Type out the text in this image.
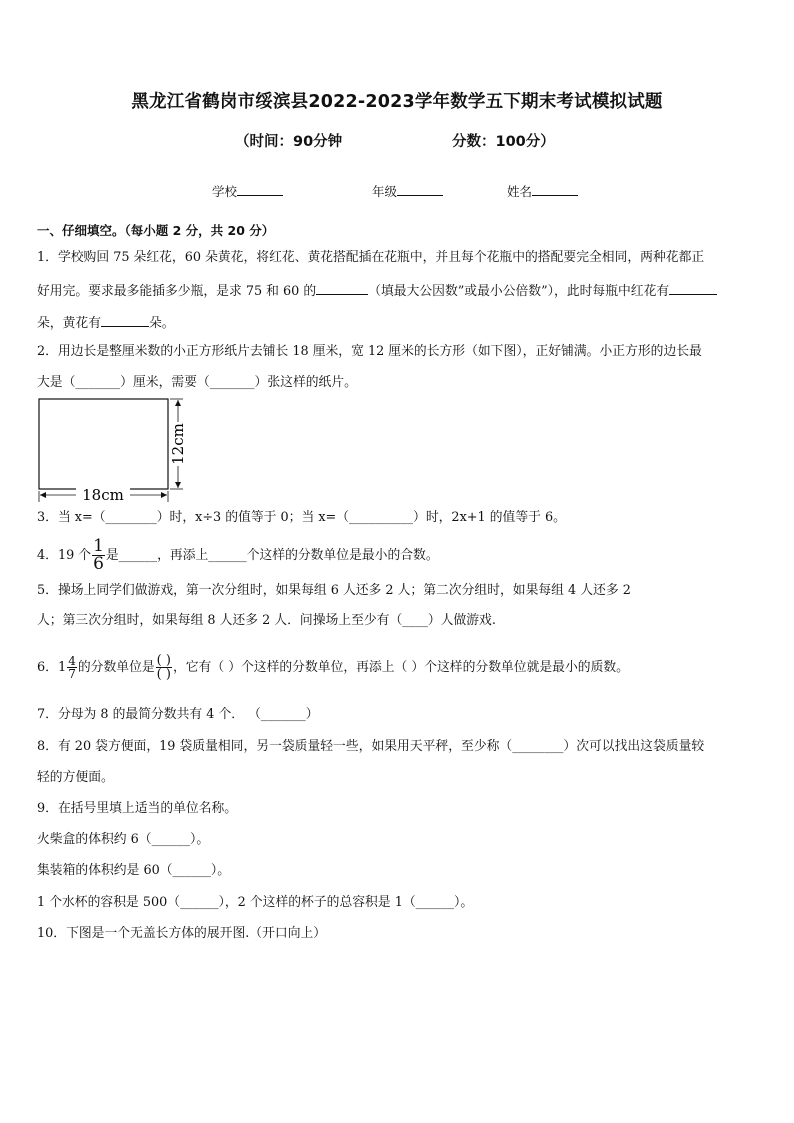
黑龙江省鹤岗市绥滨县2022-2023学年数学五下期末考试模拟试题
（时间：90分钟	分数：100分）
学校	年级	姓名
一、仔细填空。（每小题 2 分，共 20 分）
1．学校购回 75 朵红花，60 朵黄花，将红花、黄花搭配插在花瓶中，并且每个花瓶中的搭配要完全相同，两种花都正
好用完。要求最多能插多少瓶，是求 75 和 60 的	（填最大公因数”或最小公倍数”），此时每瓶中红花有
朵，黄花有	朵。
2．用边长是整厘米数的小正方形纸片去铺长 18 厘米，宽 12 厘米的长方形（如下图），正好铺满。小正方形的边长最
大是（_______）厘米，需要（_______）张这样的纸片。
18cm
12cm
3．当 x=（________）时，x÷3 的值等于 0；当 x=（__________）时，2x+1 的值等于 6。
4．19 个 $\frac{1}{6}$ 是______，再添上______个这样的分数单位是最小的合数。
5．操场上同学们做游戏，第一次分组时，如果每组 6 人还多 2 人；第二次分组时，如果每组 4 人还多 2
人；第三次分组时，如果每组 8 人还多 2 人．问操场上至少有（____）人做游戏.
6．$1 \frac{4}{7}$ 的分数单位是 $\frac{( )}{( )}$ ，它有（ ）个这样的分数单位，再添上（ ）个这样的分数单位就是最小的质数。
7．分母为 8 的最简分数共有 4 个． （_______）
8．有 20 袋方便面，19 袋质量相同，另一袋质量轻一些，如果用天平秤，至少称（________）次可以找出这袋质量较
轻的方便面。
9．在括号里填上适当的单位名称。
火柴盒的体积约 6（______）。
集装箱的体积约是 60（______）。
1 个水杯的容积是 500（______），2 个这样的杯子的总容积是 1（______）。
10．下图是一个无盖长方体的展开图.（开口向上）
